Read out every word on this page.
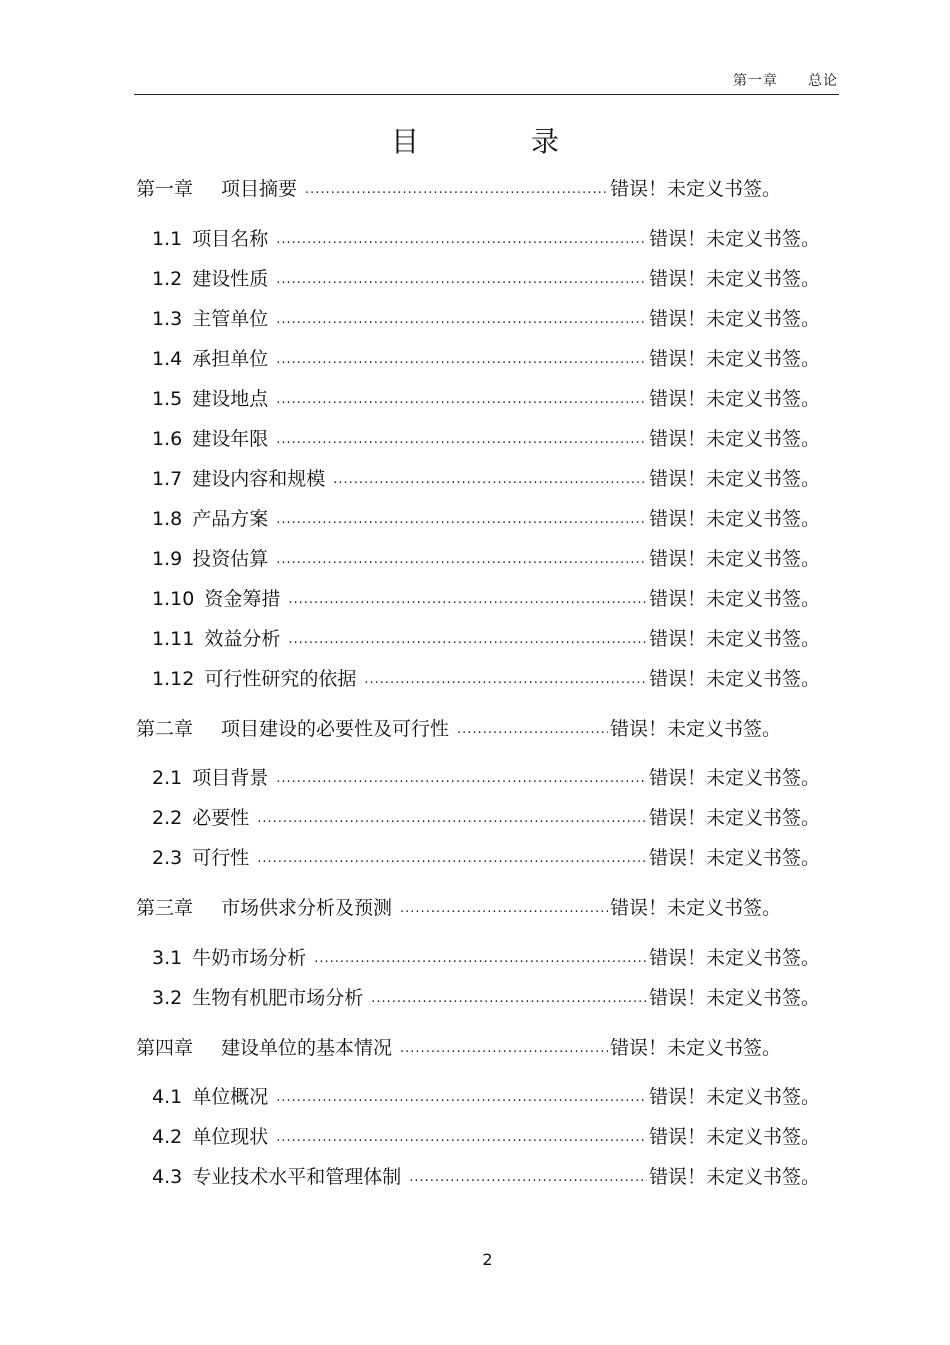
第一章　　总论
目	录
第一章 项目摘要 .....	错误！未定义书签。
1.1 项目名称 .....	错误！未定义书签。
1.2 建设性质 .....	错误！未定义书签。
1.3 主管单位 .....	错误！未定义书签。
1.4 承担单位 .....	错误！未定义书签。
1.5 建设地点 .....	错误！未定义书签。
1.6 建设年限 .....	错误！未定义书签。
1.7 建设内容和规模 .....	错误！未定义书签。
1.8 产品方案 .....	错误！未定义书签。
1.9 投资估算 .....	错误！未定义书签。
1.10 资金筹措 .....	错误！未定义书签。
1.11 效益分析 .....	错误！未定义书签。
1.12 可行性研究的依据 .....	错误！未定义书签。
第二章 项目建设的必要性及可行性 .....	错误！未定义书签。
2.1 项目背景 .....	错误！未定义书签。
2.2 必要性 .....	错误！未定义书签。
2.3 可行性 .....	错误！未定义书签。
第三章 市场供求分析及预测 .....	错误！未定义书签。
3.1 牛奶市场分析 .....	错误！未定义书签。
3.2 生物有机肥市场分析 .....	错误！未定义书签。
第四章 建设单位的基本情况 .....	错误！未定义书签。
4.1 单位概况 .....	错误！未定义书签。
4.2 单位现状 .....	错误！未定义书签。
4.3 专业技术水平和管理体制 .....	错误！未定义书签。
2
